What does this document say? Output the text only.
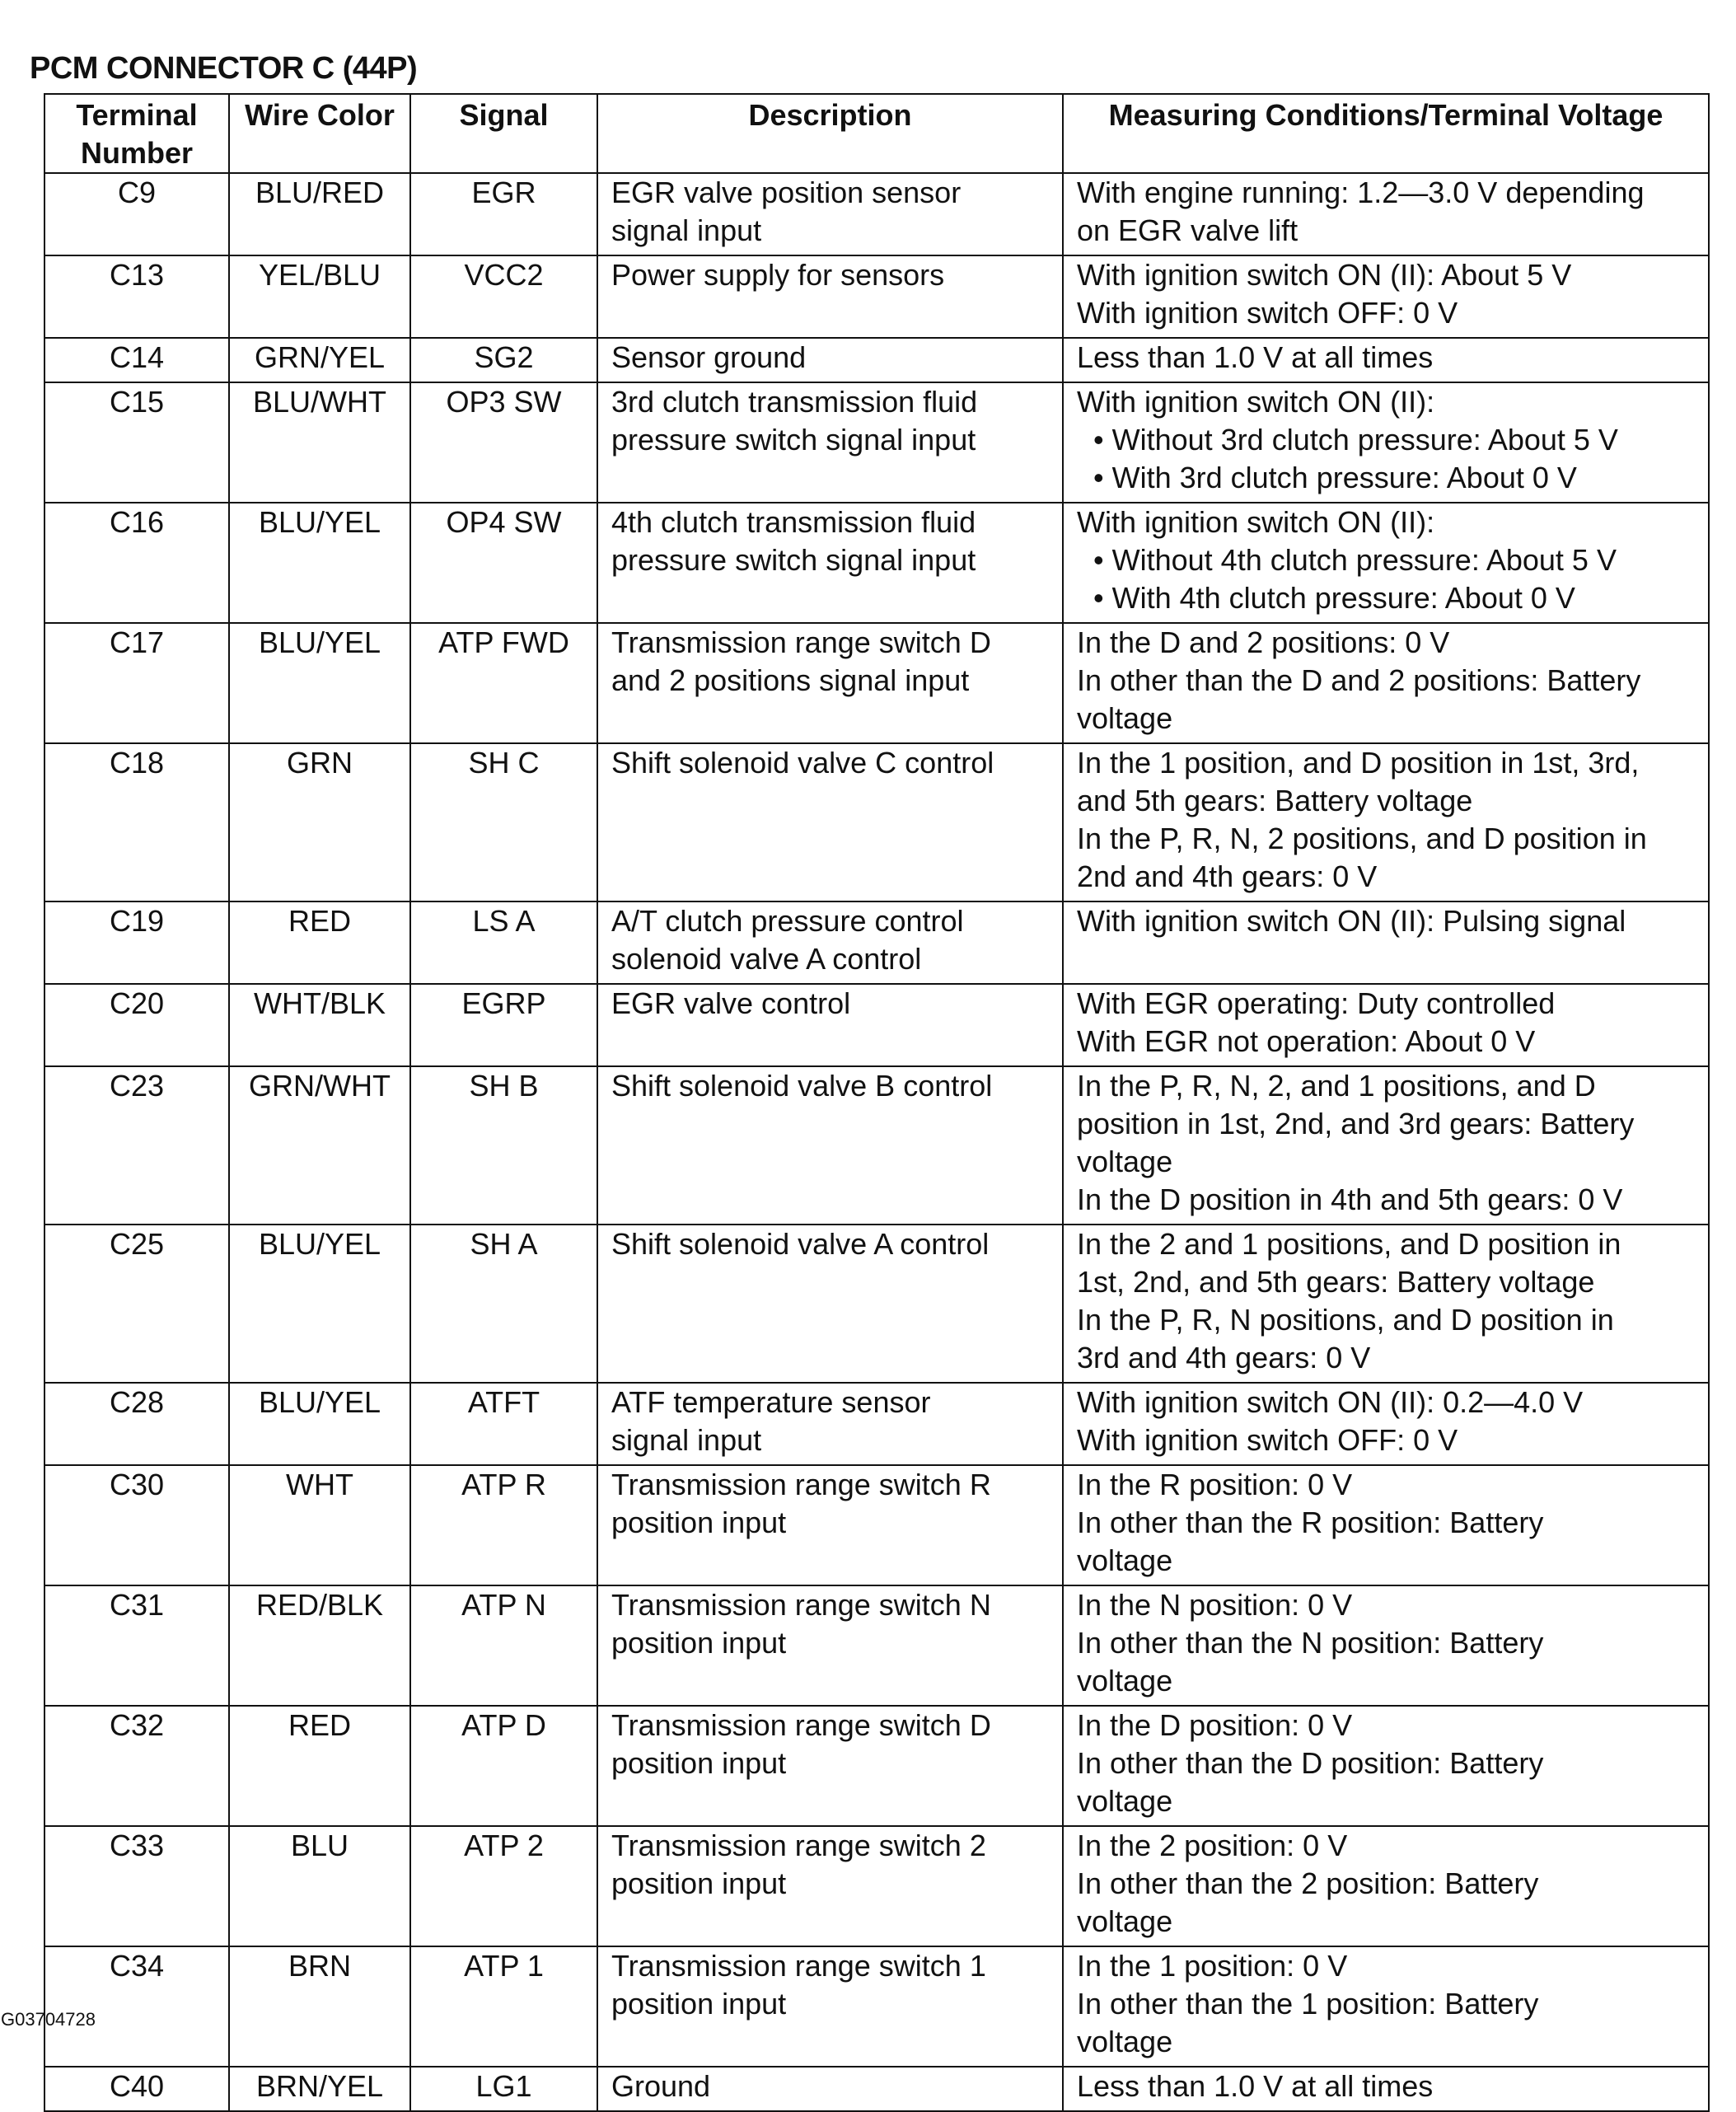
PCM CONNECTOR C (44P)
Terminal
Number	Wire Color	Signal	Description	Measuring Conditions/Terminal Voltage

C9	BLU/RED	EGR	EGR valve position sensor
signal input	With engine running: 1.2—3.0 V depending
on EGR valve lift

C13	YEL/BLU	VCC2	Power supply for sensors	With ignition switch ON (II): About 5 V
With ignition switch OFF: 0 V

C14	GRN/YEL	SG2	Sensor ground	Less than 1.0 V at all times

C15	BLU/WHT	OP3 SW	3rd clutch transmission fluid
pressure switch signal input	With ignition switch ON (II):
• Without 3rd clutch pressure: About 5 V
• With 3rd clutch pressure: About 0 V

C16	BLU/YEL	OP4 SW	4th clutch transmission fluid
pressure switch signal input	With ignition switch ON (II):
• Without 4th clutch pressure: About 5 V
• With 4th clutch pressure: About 0 V

C17	BLU/YEL	ATP FWD	Transmission range switch D
and 2 positions signal input	In the D and 2 positions: 0 V
In other than the D and 2 positions: Battery
voltage

C18	GRN	SH C	Shift solenoid valve C control	In the 1 position, and D position in 1st, 3rd,
and 5th gears: Battery voltage
In the P, R, N, 2 positions, and D position in
2nd and 4th gears: 0 V

C19	RED	LS A	A/T clutch pressure control
solenoid valve A control	With ignition switch ON (II): Pulsing signal

C20	WHT/BLK	EGRP	EGR valve control	With EGR operating: Duty controlled
With EGR not operation: About 0 V

C23	GRN/WHT	SH B	Shift solenoid valve B control	In the P, R, N, 2, and 1 positions, and D
position in 1st, 2nd, and 3rd gears: Battery
voltage
In the D position in 4th and 5th gears: 0 V

C25	BLU/YEL	SH A	Shift solenoid valve A control	In the 2 and 1 positions, and D position in
1st, 2nd, and 5th gears: Battery voltage
In the P, R, N positions, and D position in
3rd and 4th gears: 0 V

C28	BLU/YEL	ATFT	ATF temperature sensor
signal input	With ignition switch ON (II): 0.2—4.0 V
With ignition switch OFF: 0 V

C30	WHT	ATP R	Transmission range switch R
position input	In the R position: 0 V
In other than the R position: Battery
voltage

C31	RED/BLK	ATP N	Transmission range switch N
position input	In the N position: 0 V
In other than the N position: Battery
voltage

C32	RED	ATP D	Transmission range switch D
position input	In the D position: 0 V
In other than the D position: Battery
voltage

C33	BLU	ATP 2	Transmission range switch 2
position input	In the 2 position: 0 V
In other than the 2 position: Battery
voltage

C34	BRN	ATP 1	Transmission range switch 1
position input	In the 1 position: 0 V
In other than the 1 position: Battery
voltage

C40	BRN/YEL	LG1	Ground	Less than 1.0 V at all times
G03704728
